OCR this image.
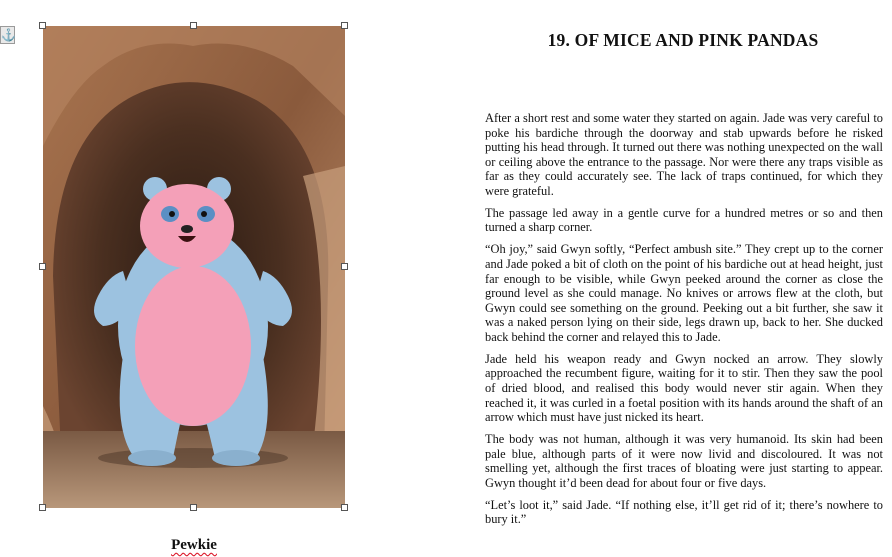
⚓
Pewkie
19. OF MICE AND PINK PANDAS

After a short rest and some water they started on again. Jade was very careful to poke his bardiche through the doorway and stab upwards before he risked putting his head through. It turned out there was nothing unexpected on the wall or ceiling above the entrance to the passage. Nor were there any traps visible as far as they could accurately see. The lack of traps continued, for which they were grateful.

The passage led away in a gentle curve for a hundred metres or so and then turned a sharp corner.

“Oh joy,” said Gwyn softly, “Perfect ambush site.” They crept up to the corner and Jade poked a bit of cloth on the point of his bardiche out at head height, just far enough to be visible, while Gwyn peeked around the corner as close the ground level as she could manage. No knives or arrows flew at the cloth, but Gwyn could see something on the ground. Peeking out a bit further, she saw it was a naked person lying on their side, legs drawn up, back to her. She ducked back behind the corner and relayed this to Jade.

Jade held his weapon ready and Gwyn nocked an arrow. They slowly approached the recumbent figure, waiting for it to stir. Then they saw the pool of dried blood, and realised this body would never stir again. When they reached it, it was curled in a foetal position with its hands around the shaft of an arrow which must have just nicked its heart.

The body was not human, although it was very humanoid. Its skin had been pale blue, although parts of it were now livid and discoloured. It was not smelling yet, although the first traces of bloating were just starting to appear. Gwyn thought it’d been dead for about four or five days.

“Let’s loot it,” said Jade. “If nothing else, it’ll get rid of it; there’s nowhere to bury it.”
